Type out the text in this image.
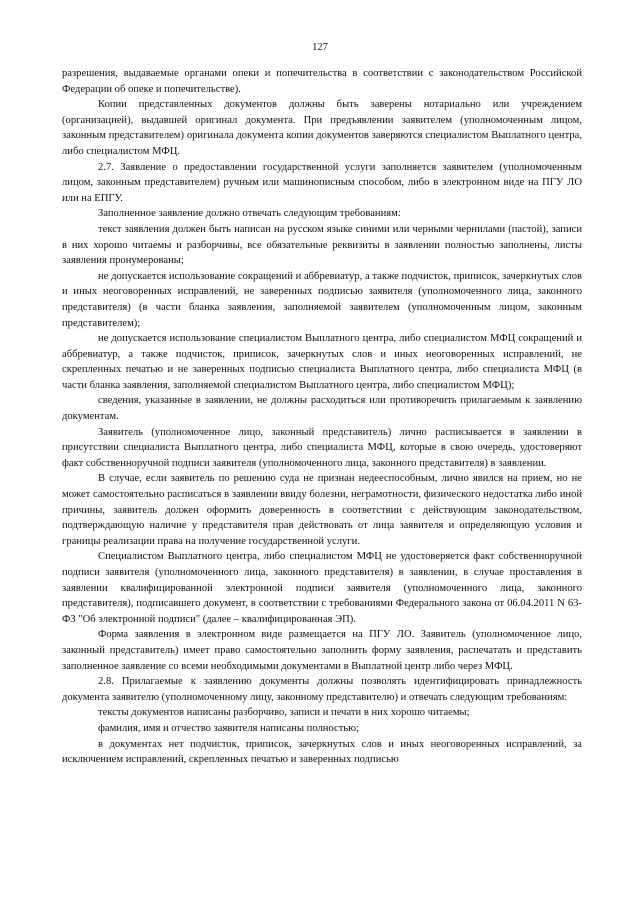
127

разрешения, выдаваемые органами опеки и попечительства в соответствии с законодательством Российской Федерации об опеке и попечительстве).

Копии представленных документов должны быть заверены нотариально или учреждением (организацией), выдавшей оригинал документа. При предъявлении заявителем (уполномоченным лицом, законным представителем) оригинала документа копии документов заверяются специалистом Выплатного центра, либо специалистом МФЦ.

2.7. Заявление о предоставлении государственной услуги заполняется заявителем (уполномоченным лицом, законным представителем) ручным или машинописным способом, либо в электронном виде на ПГУ ЛО или на ЕПГУ.

Заполненное заявление должно отвечать следующим требованиям:

текст заявления должен быть написан на русском языке синими или черными чернилами (пастой), записи в них хорошо читаемы и разборчивы, все обязательные реквизиты в заявлении полностью заполнены, листы заявления пронумерованы;

не допускается использование сокращений и аббревиатур, а также подчисток, приписок, зачеркнутых слов и иных неоговоренных исправлений, не заверенных подписью заявителя (уполномоченного лица, законного представителя) (в части бланка заявления, заполняемой заявителем (уполномоченным лицом, законным представителем);

не допускается использование специалистом Выплатного центра, либо специалистом МФЦ сокращений и аббревиатур, а также подчисток, приписок, зачеркнутых слов и иных неоговоренных исправлений, не скрепленных печатью и не заверенных подписью специалиста Выплатного центра, либо специалиста МФЦ (в части бланка заявления, заполняемой специалистом Выплатного центра, либо специалистом МФЦ);

сведения, указанные в заявлении, не должны расходиться или противоречить прилагаемым к заявлению документам.

Заявитель (уполномоченное лицо, законный представитель) лично расписывается в заявлении в присутствии специалиста Выплатного центра, либо специалиста МФЦ, которые в свою очередь, удостоверяют факт собственноручной подписи заявителя (уполномоченного лица, законного представителя) в заявлении.

В случае, если заявитель по решению суда не признан недееспособным, лично явился на прием, но не может самостоятельно расписаться в заявлении ввиду болезни, неграмотности, физического недостатка либо иной причины, заявитель должен оформить доверенность в соответствии с действующим законодательством, подтверждающую наличие у представителя прав действовать от лица заявителя и определяющую условия и границы реализации права на получение государственной услуги.

Специалистом Выплатного центра, либо специалистом МФЦ не удостоверяется факт собственноручной подписи заявителя (уполномоченного лица, законного представителя) в заявлении, в случае проставления в заявлении квалифицированной электронной подписи заявителя (уполномоченного лица, законного представителя), подписавшего документ, в соответствии с требованиями Федерального закона от 06.04.2011 N 63-ФЗ "Об электронной подписи" (далее – квалифицированная ЭП).

Форма заявления в электронном виде размещается на ПГУ ЛО. Заявитель (уполномоченное лицо, законный представитель) имеет право самостоятельно заполнить форму заявления, распечатать и представить заполненное заявление со всеми необходимыми документами в Выплатной центр либо через МФЦ.

2.8. Прилагаемые к заявлению документы должны позволять идентифицировать принадлежность документа заявителю (уполномоченному лицу, законному представителю) и отвечать следующим требованиям:

тексты документов написаны разборчиво, записи и печати в них хорошо читаемы;

фамилия, имя и отчество заявителя написаны полностью;

в документах нет подчисток, приписок, зачеркнутых слов и иных неоговоренных исправлений, за исключением исправлений, скрепленных печатью и заверенных подписью
